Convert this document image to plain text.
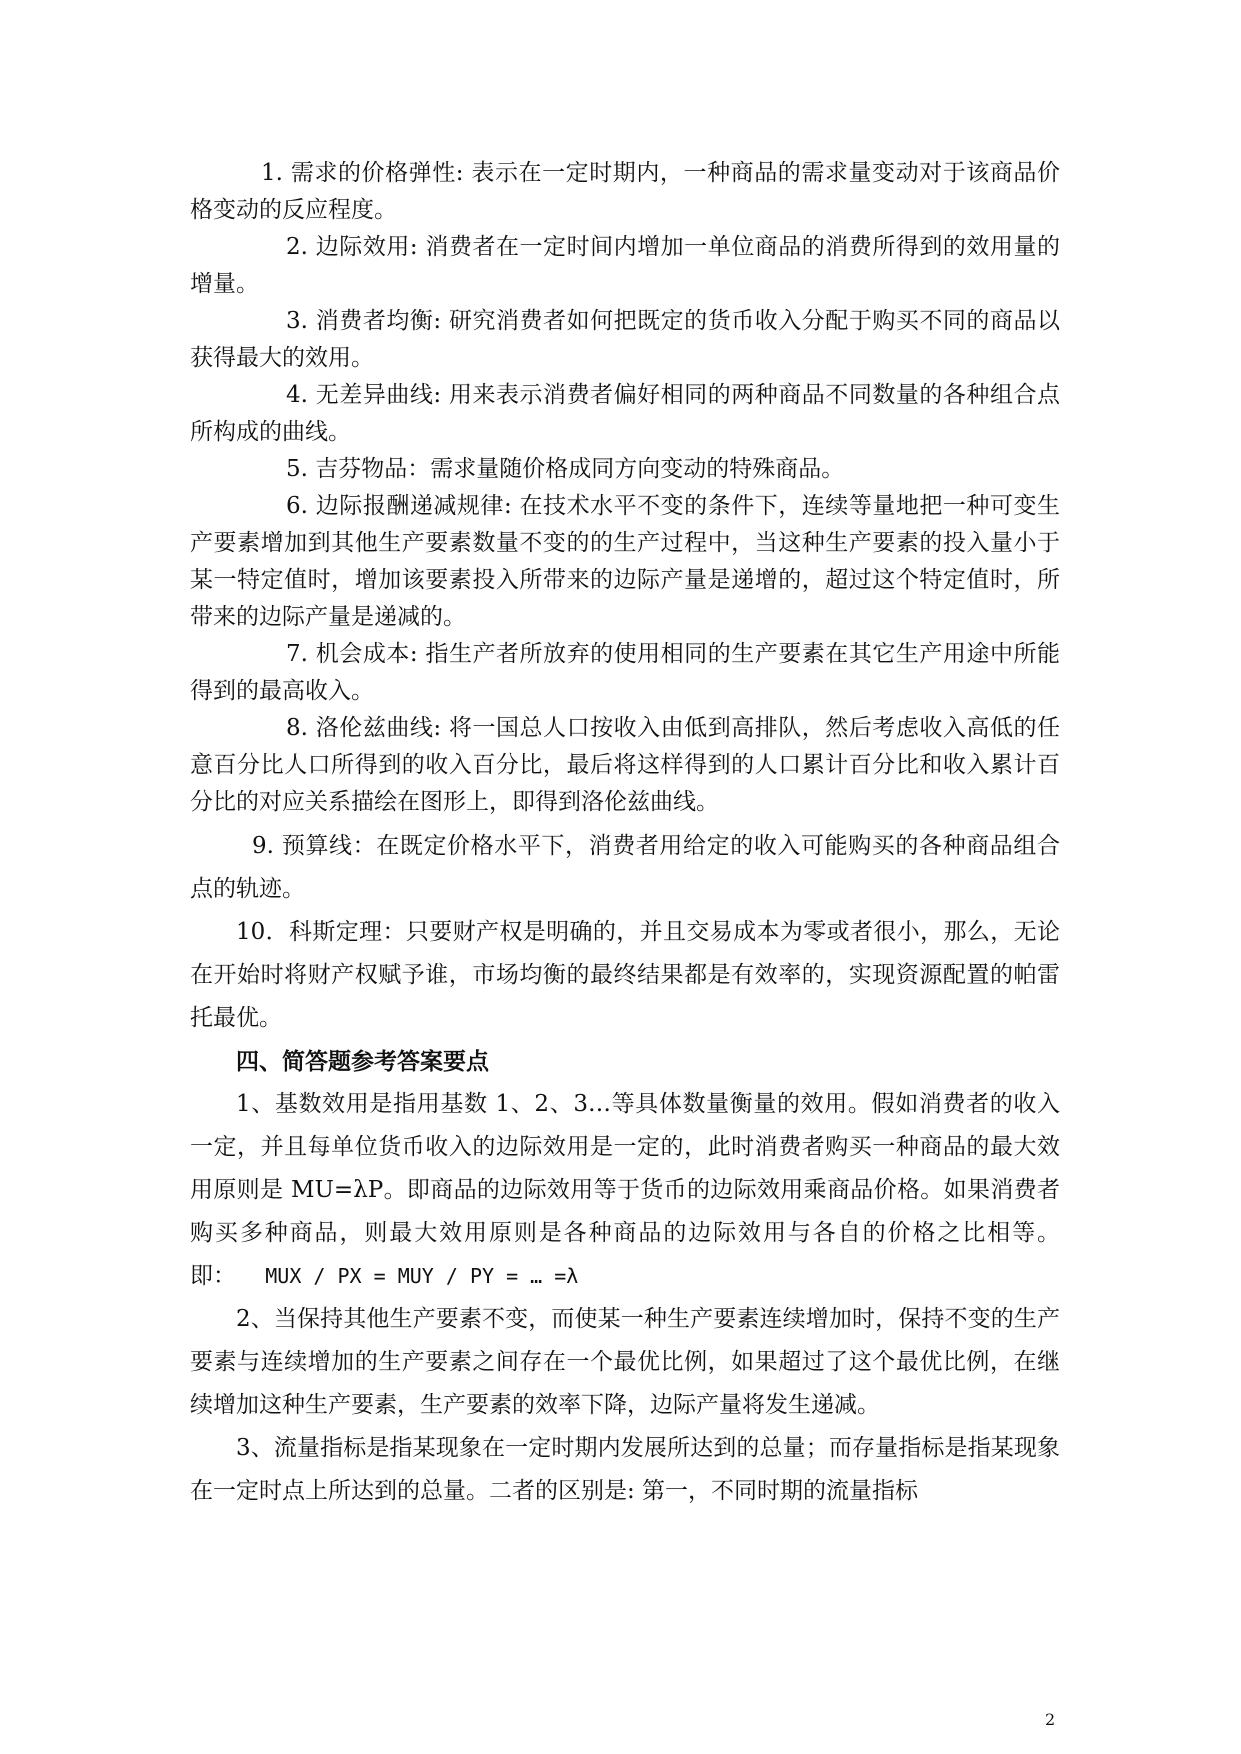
1. 需求的价格弹性: 表示在一定时期内，一种商品的需求量变动对于该商品价格变动的反应程度。

2. 边际效用: 消费者在一定时间内增加一单位商品的消费所得到的效用量的增量。

3. 消费者均衡: 研究消费者如何把既定的货币收入分配于购买不同的商品以获得最大的效用。

4. 无差异曲线: 用来表示消费者偏好相同的两种商品不同数量的各种组合点所构成的曲线。

5. 吉芬物品：需求量随价格成同方向变动的特殊商品。

6. 边际报酬递减规律: 在技术水平不变的条件下，连续等量地把一种可变生产要素增加到其他生产要素数量不变的的生产过程中，当这种生产要素的投入量小于某一特定值时，增加该要素投入所带来的边际产量是递增的，超过这个特定值时，所带来的边际产量是递减的。

7. 机会成本: 指生产者所放弃的使用相同的生产要素在其它生产用途中所能得到的最高收入。

8. 洛伦兹曲线: 将一国总人口按收入由低到高排队，然后考虑收入高低的任意百分比人口所得到的收入百分比，最后将这样得到的人口累计百分比和收入累计百分比的对应关系描绘在图形上，即得到洛伦兹曲线。

9. 预算线：在既定价格水平下，消费者用给定的收入可能购买的各种商品组合点的轨迹。

10．科斯定理：只要财产权是明确的，并且交易成本为零或者很小，那么，无论在开始时将财产权赋予谁，市场均衡的最终结果都是有效率的，实现资源配置的帕雷托最优。

四、简答题参考答案要点

1、基数效用是指用基数 1、2、3…等具体数量衡量的效用。假如消费者的收入一定，并且每单位货币收入的边际效用是一定的，此时消费者购买一种商品的最大效用原则是 MU=λP。即商品的边际效用等于货币的边际效用乘商品价格。如果消费者购买多种商品，则最大效用原则是各种商品的边际效用与各自的价格之比相等。即： MUX / PX = MUY / PY = … =λ

2、当保持其他生产要素不变，而使某一种生产要素连续增加时，保持不变的生产要素与连续增加的生产要素之间存在一个最优比例，如果超过了这个最优比例，在继续增加这种生产要素，生产要素的效率下降，边际产量将发生递减。

3、流量指标是指某现象在一定时期内发展所达到的总量；而存量指标是指某现象在一定时点上所达到的总量。二者的区别是: 第一，不同时期的流量指标

2
